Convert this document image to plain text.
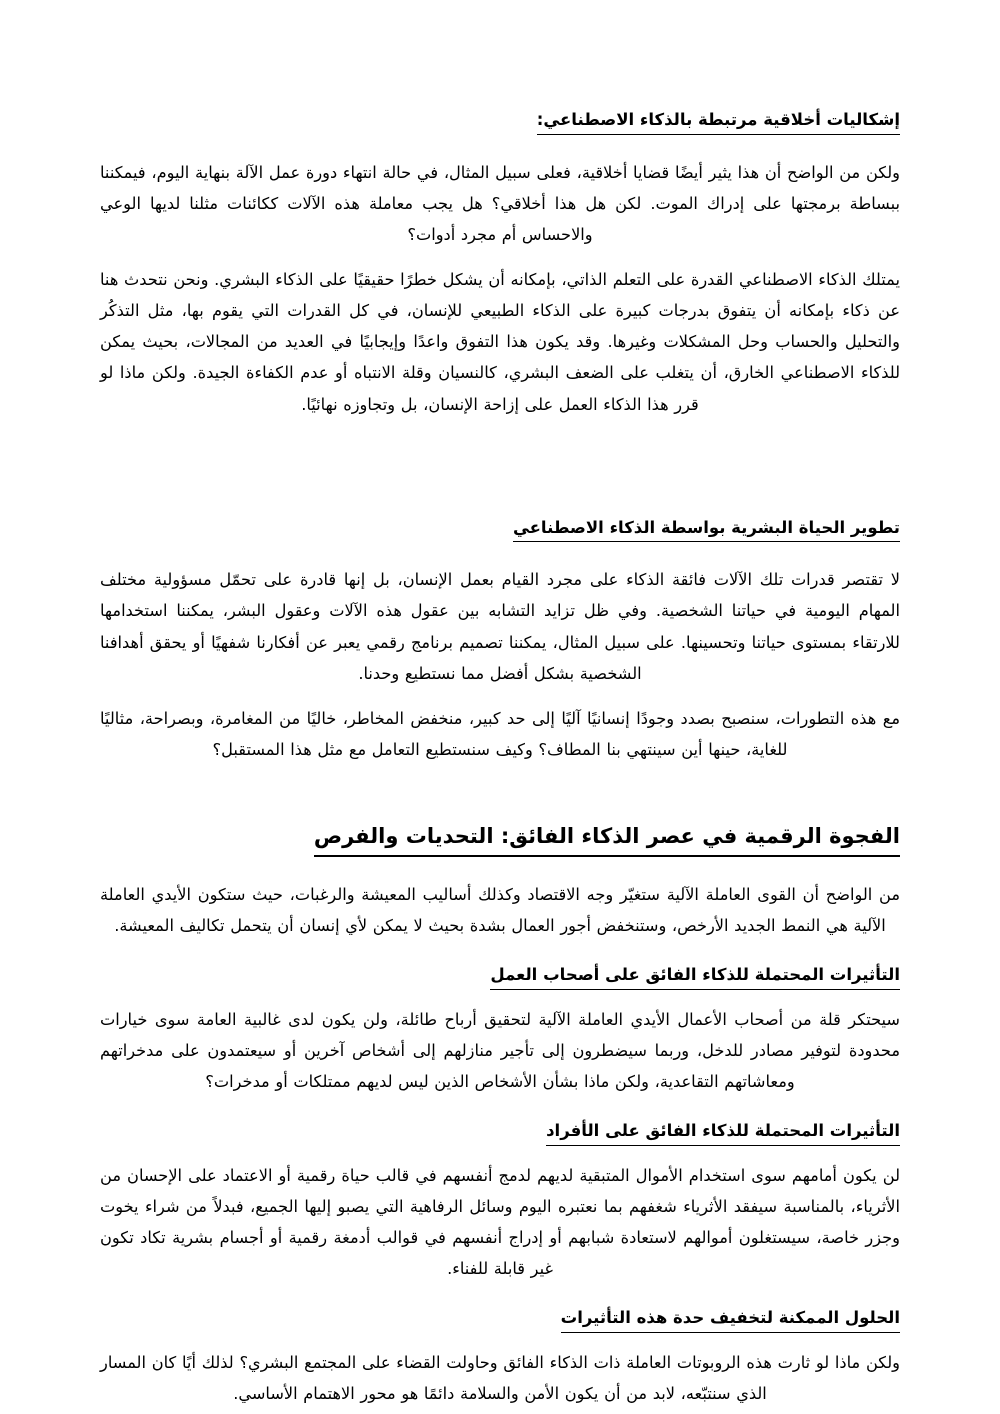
إشكاليات أخلاقية مرتبطة بالذكاء الاصطناعي:

ولكن من الواضح أن هذا يثير أيضًا قضايا أخلاقية، فعلى سبيل المثال، في حالة انتهاء دورة عمل الآلة بنهاية اليوم، فيمكننا ببساطة برمجتها على إدراك الموت. لكن هل هذا أخلاقي؟ هل يجب معاملة هذه الآلات ككائنات مثلنا لديها الوعي والاحساس أم مجرد أدوات؟

يمتلك الذكاء الاصطناعي القدرة على التعلم الذاتي، بإمكانه أن يشكل خطرًا حقيقيًا على الذكاء البشري. ونحن نتحدث هنا عن ذكاء بإمكانه أن يتفوق بدرجات كبيرة على الذكاء الطبيعي للإنسان، في كل القدرات التي يقوم بها، مثل التذكُر والتحليل والحساب وحل المشكلات وغيرها. وقد يكون هذا التفوق واعدًا وإيجابيًا في العديد من المجالات، بحيث يمكن للذكاء الاصطناعي الخارق، أن يتغلب على الضعف البشري، كالنسيان وقلة الانتباه أو عدم الكفاءة الجيدة. ولكن ماذا لو قرر هذا الذكاء العمل على إزاحة الإنسان، بل وتجاوزه نهائيًا.

تطوير الحياة البشرية بواسطة الذكاء الاصطناعي

لا تقتصر قدرات تلك الآلات فائقة الذكاء على مجرد القيام بعمل الإنسان، بل إنها قادرة على تحمّل مسؤولية مختلف المهام اليومية في حياتنا الشخصية. وفي ظل تزايد التشابه بين عقول هذه الآلات وعقول البشر، يمكننا استخدامها للارتقاء بمستوى حياتنا وتحسينها. على سبيل المثال، يمكننا تصميم برنامج رقمي يعبر عن أفكارنا شفهيًا أو يحقق أهدافنا الشخصية بشكل أفضل مما نستطيع وحدنا.

مع هذه التطورات، سنصبح بصدد وجودًا إنسانيًا آليًا إلى حد كبير، منخفض المخاطر، خاليًا من المغامرة، وبصراحة، مثاليًا للغاية، حينها أين سينتهي بنا المطاف؟ وكيف سنستطيع التعامل مع مثل هذا المستقبل؟

الفجوة الرقمية في عصر الذكاء الفائق: التحديات والفرص

من الواضح أن القوى العاملة الآلية ستغيّر وجه الاقتصاد وكذلك أساليب المعيشة والرغبات، حيث ستكون الأيدي العاملة الآلية هي النمط الجديد الأرخص، وستنخفض أجور العمال بشدة بحيث لا يمكن لأي إنسان أن يتحمل تكاليف المعيشة.

التأثيرات المحتملة للذكاء الفائق على أصحاب العمل

سيحتكر قلة من أصحاب الأعمال الأيدي العاملة الآلية لتحقيق أرباح طائلة، ولن يكون لدى غالبية العامة سوى خيارات محدودة لتوفير مصادر للدخل، وربما سيضطرون إلى تأجير منازلهم إلى أشخاص آخرين أو سيعتمدون على مدخراتهم ومعاشاتهم التقاعدية، ولكن ماذا بشأن الأشخاص الذين ليس لديهم ممتلكات أو مدخرات؟

التأثيرات المحتملة للذكاء الفائق على الأفراد

لن يكون أمامهم سوى استخدام الأموال المتبقية لديهم لدمج أنفسهم في قالب حياة رقمية أو الاعتماد على الإحسان من الأثرياء، بالمناسبة سيفقد الأثرياء شغفهم بما نعتبره اليوم وسائل الرفاهية التي يصبو إليها الجميع، فبدلاً من شراء يخوت وجزر خاصة، سيستغلون أموالهم لاستعادة شبابهم أو إدراج أنفسهم في قوالب أدمغة رقمية أو أجسام بشرية تكاد تكون غير قابلة للفناء.

الحلول الممكنة لتخفيف حدة هذه التأثيرات

ولكن ماذا لو ثارت هذه الروبوتات العاملة ذات الذكاء الفائق وحاولت القضاء على المجتمع البشري؟ لذلك أيًا كان المسار الذي سنتبّعه، لابد من أن يكون الأمن والسلامة دائمًا هو محور الاهتمام الأساسي.
